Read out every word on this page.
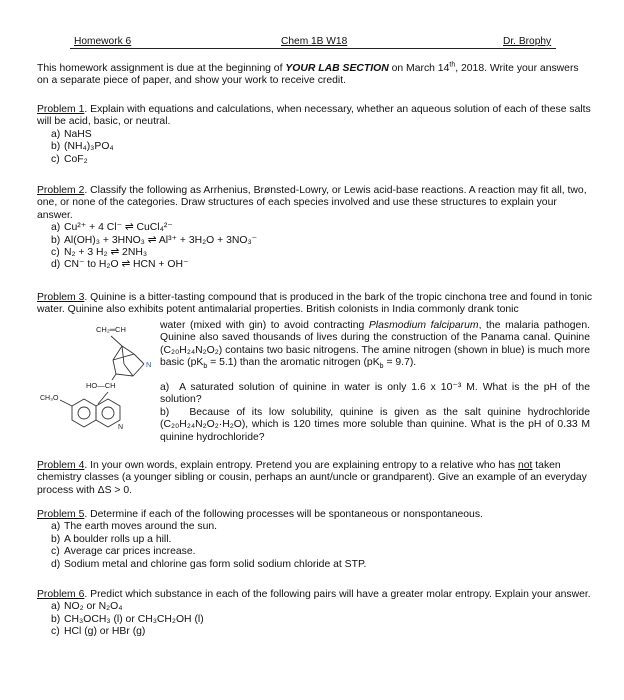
Homework 6	Chem 1B W18	Dr. Brophy
This homework assignment is due at the beginning of YOUR LAB SECTION on March 14th, 2018. Write your answers on a separate piece of paper, and show your work to receive credit.
Problem 1. Explain with equations and calculations, when necessary, whether an aqueous solution of each of these salts will be acid, basic, or neutral.
a) NaHS
b) (NH₄)₃PO₄
c) CoF₂
Problem 2. Classify the following as Arrhenius, Brønsted-Lowry, or Lewis acid-base reactions. A reaction may fit all, two, one, or none of the categories. Draw structures of each species involved and use these structures to explain your answer.
a) Cu²⁺ + 4 Cl⁻ ⇌ CuCl₄²⁻
b) Al(OH)₃ + 3HNO₃ ⇌ Al³⁺ + 3H₂O + 3NO₃⁻
c) N₂ + 3 H₂ ⇌ 2NH₃
d) CN⁻ to H₂O ⇌ HCN + OH⁻
Problem 3. Quinine is a bitter-tasting compound that is produced in the bark of the tropic cinchona tree and found in tonic water. Quinine also exhibits potent antimalarial properties. British colonists in India commonly drank tonic
water (mixed with gin) to avoid contracting Plasmodium falciparum, the malaria pathogen. Quinine also saved thousands of lives during the construction of the Panama canal. Quinine (C₂₀H₂₄N₂O₂) contains two basic nitrogens. The amine nitrogen (shown in blue) is much more basic $(pK_b = 5.1)$ than the aromatic nitrogen $(pK_b = 9.7)$.
a) A saturated solution of quinine in water is only 1.6 x 10⁻³ M. What is the pH of the solution?
b) Because of its low solubility, quinine is given as the salt quinine hydrochloride (C₂₀H₂₄N₂O₂·H₂O), which is 120 times more soluble than quinine. What is the pH of 0.33 M quinine hydrochloride?
CH₂═CH
N
HO—CH
CH₃O
N
Problem 4. In your own words, explain entropy. Pretend you are explaining entropy to a relative who has not taken chemistry classes (a younger sibling or cousin, perhaps an aunt/uncle or grandparent). Give an example of an everyday process with ΔS > 0.
Problem 5. Determine if each of the following processes will be spontaneous or nonspontaneous.
a) The earth moves around the sun.
b) A boulder rolls up a hill.
c) Average car prices increase.
d) Sodium metal and chlorine gas form solid sodium chloride at STP.
Problem 6. Predict which substance in each of the following pairs will have a greater molar entropy. Explain your answer.
a) NO₂ or N₂O₄
b) CH₃OCH₃ (l) or CH₃CH₂OH (l)
c) HCl (g) or HBr (g)
